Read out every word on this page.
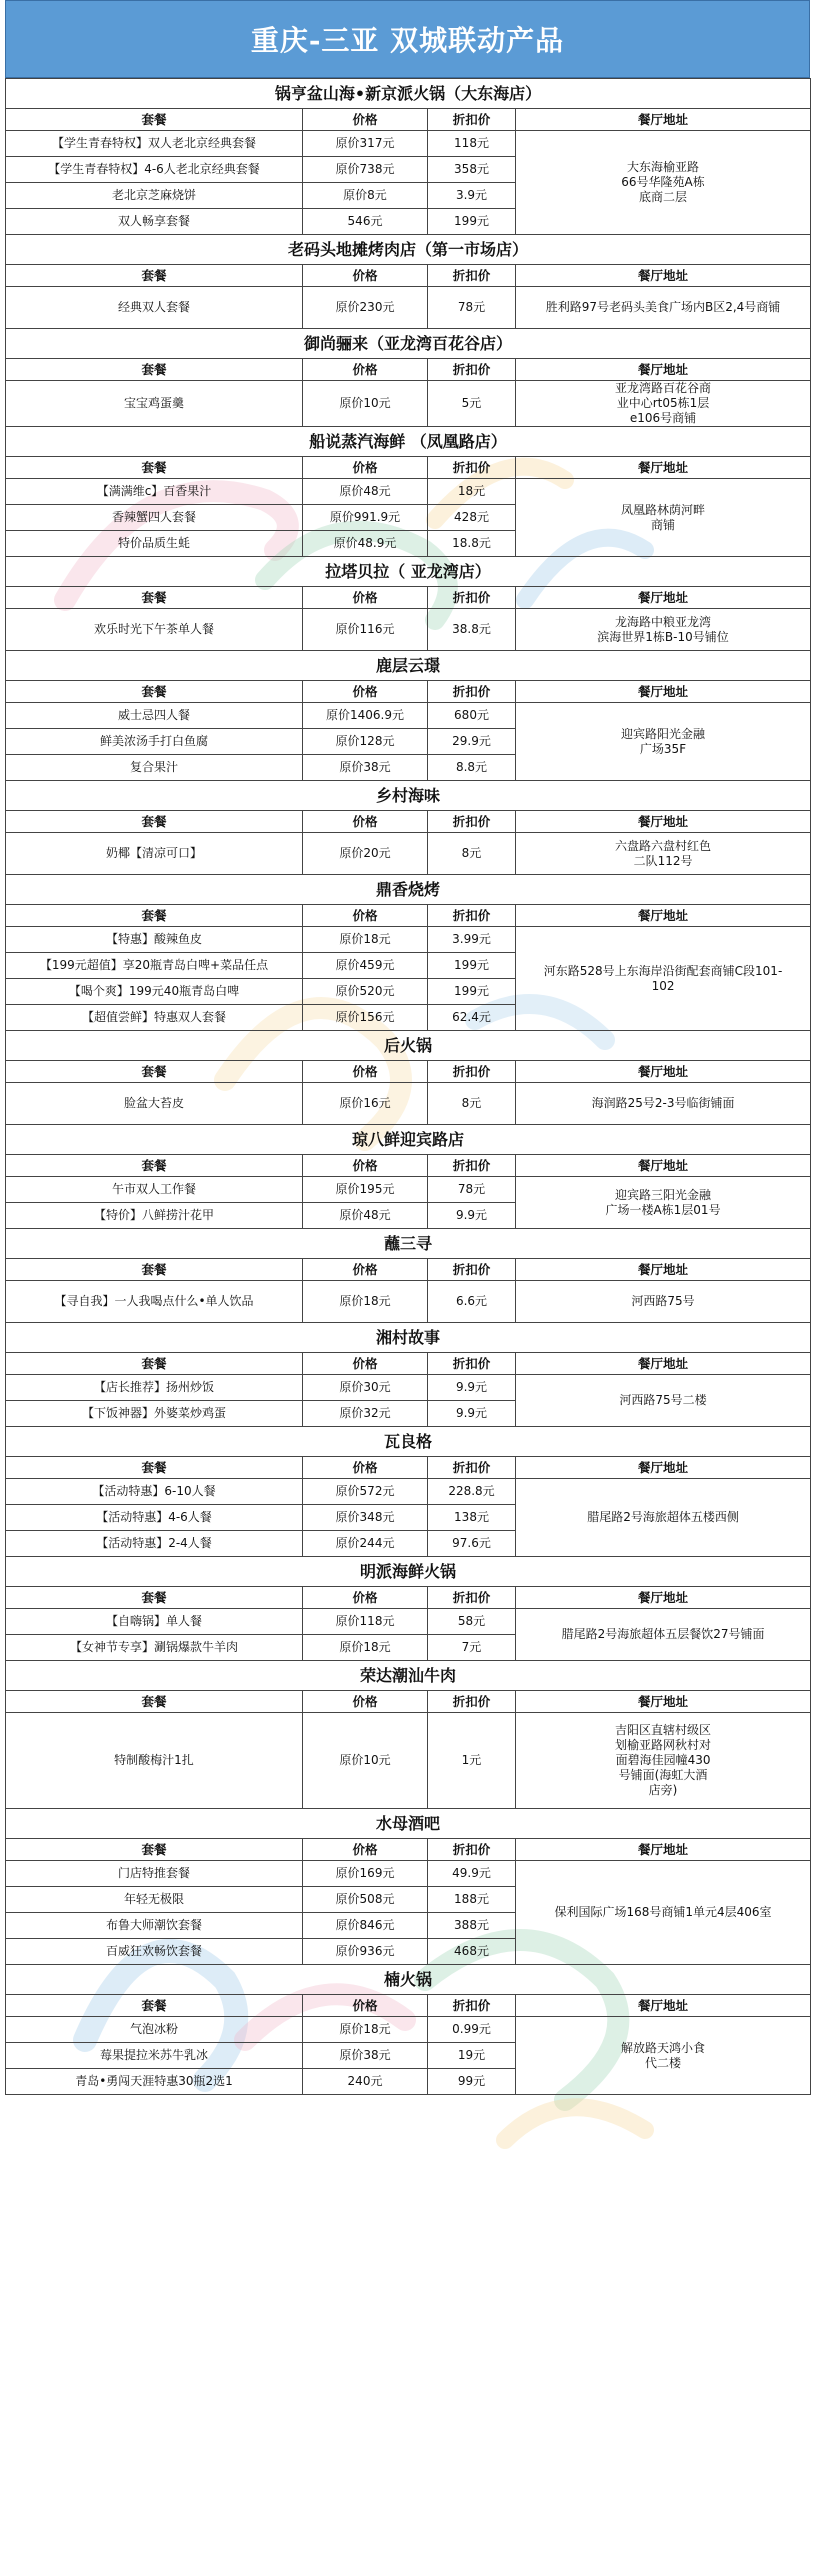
重庆-三亚 双城联动产品
锅亨盆山海•新京派火锅（大东海店）			
套餐	价格	折扣价	餐厅地址
【学生青春特权】双人老北京经典套餐	原价317元	118元	大东海榆亚路
66号华隆苑A栋
底商二层
【学生青春特权】4-6人老北京经典套餐	原价738元	358元	
老北京芝麻烧饼	原价8元	3.9元	
双人畅享套餐	546元	199元	
老码头地摊烤肉店（第一市场店）			
套餐	价格	折扣价	餐厅地址
经典双人套餐	原价230元	78元	胜利路97号老码头美食广场内B区2,4号商铺
御尚骊来（亚龙湾百花谷店）			
套餐	价格	折扣价	餐厅地址
宝宝鸡蛋羹	原价10元	5元	亚龙湾路百花谷商
业中心rt05栋1层
e106号商铺
船说蒸汽海鲜 （凤凰路店）			
套餐	价格	折扣价	餐厅地址
【满满维c】百香果汁	原价48元	18元	凤凰路林荫河畔
商铺
香辣蟹四人套餐	原价991.9元	428元	
特价品质生蚝	原价48.9元	18.8元	
拉塔贝拉（ 亚龙湾店）			
套餐	价格	折扣价	餐厅地址
欢乐时光下午茶单人餐	原价116元	38.8元	龙海路中粮亚龙湾
滨海世界1栋B-10号铺位
鹿层云璟			
套餐	价格	折扣价	餐厅地址
威士忌四人餐	原价1406.9元	680元	迎宾路阳光金融
广场35F
鲜美浓汤手打白鱼腐	原价128元	29.9元	
复合果汁	原价38元	8.8元	
乡村海味			
套餐	价格	折扣价	餐厅地址
奶椰【清凉可口】	原价20元	8元	六盘路六盘村红色
二队112号
鼎香烧烤			
套餐	价格	折扣价	餐厅地址
【特惠】酸辣鱼皮	原价18元	3.99元	河东路528号上东海岸沿街配套商铺C段101-
102
【199元超值】享20瓶青岛白啤+菜品任点	原价459元	199元	
【喝个爽】199元40瓶青岛白啤	原价520元	199元	
【超值尝鲜】特惠双人套餐	原价156元	62.4元	
后火锅			
套餐	价格	折扣价	餐厅地址
脸盆大苔皮	原价16元	8元	海润路25号2-3号临街铺面
琼八鲜迎宾路店			
套餐	价格	折扣价	餐厅地址
午市双人工作餐	原价195元	78元	迎宾路三阳光金融
广场一楼A栋1层01号
【特价】八鲜捞汁花甲	原价48元	9.9元	
蘸三寻			
套餐	价格	折扣价	餐厅地址
【寻自我】一人我喝点什么•单人饮品	原价18元	6.6元	河西路75号
湘村故事			
套餐	价格	折扣价	餐厅地址
【店长推荐】扬州炒饭	原价30元	9.9元	河西路75号二楼
【下饭神器】外婆菜炒鸡蛋	原价32元	9.9元	
瓦良格			
套餐	价格	折扣价	餐厅地址
【活动特惠】6-10人餐	原价572元	228.8元	腊尾路2号海旅超体五楼西侧
【活动特惠】4-6人餐	原价348元	138元	
【活动特惠】2-4人餐	原价244元	97.6元	
明派海鲜火锅			
套餐	价格	折扣价	餐厅地址
【自嗨锅】单人餐	原价118元	58元	腊尾路2号海旅超体五层餐饮27号铺面
【女神节专享】涮锅爆款牛羊肉	原价18元	7元	
荣达潮汕牛肉			
套餐	价格	折扣价	餐厅地址
特制酸梅汁1扎	原价10元	1元	吉阳区直辖村级区
划榆亚路网秋村对
面碧海佳园幢430
号铺面(海虹大酒
店旁)
水母酒吧			
套餐	价格	折扣价	餐厅地址
门店特推套餐	原价169元	49.9元	保利国际广场168号商铺1单元4层406室
年轻无极限	原价508元	188元	
布鲁大师潮饮套餐	原价846元	388元	
百威狂欢畅饮套餐	原价936元	468元	
楠火锅			
套餐	价格	折扣价	餐厅地址
气泡冰粉	原价18元	0.99元	解放路天鸿小食
代二楼
莓果提拉米苏牛乳冰	原价38元	19元	
青岛•勇闯天涯特惠30瓶2选1	240元	99元	
